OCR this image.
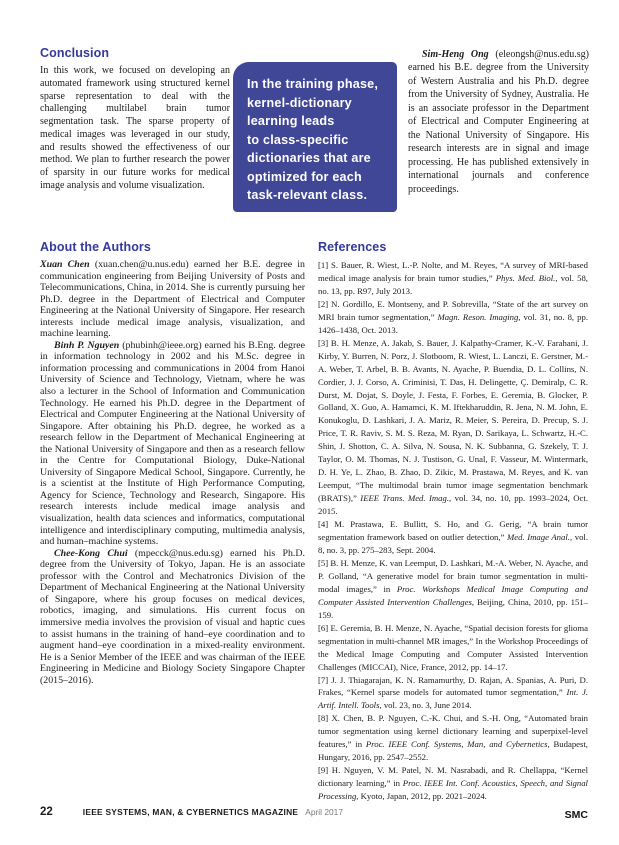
Conclusion

In this work, we focused on developing an automated framework using structured kernel sparse representation to deal with the challenging multilabel brain tumor segmentation task. The sparse property of medical images was leveraged in our study, and results showed the effectiveness of our method. We plan to further research the power of sparsity in our future works for medical image analysis and volume visualization.

In the training phase,
kernel-dictionary
learning leads
to class-specific
dictionaries that are
optimized for each
task-relevant class.

Sim-Heng Ong (eleongsh@nus.edu.sg) earned his B.E. degree from the University of Western Australia and his Ph.D. degree from the University of Sydney, Australia. He is an associate professor in the Department of Electrical and Computer Engineering at the National University of Singapore. His research interests are in signal and image processing. He has published extensively in international journals and conference proceedings.

About the Authors

Xuan Chen (xuan.chen@u.nus.edu) earned her B.E. degree in communication engineering from Beijing University of Posts and Telecommunications, China, in 2014. She is currently pursuing her Ph.D. degree in the Department of Electrical and Computer Engineering at the National University of Singapore. Her research interests include medical image analysis, visualization, and machine learning.

Binh P. Nguyen (phubinh@ieee.org) earned his B.Eng. degree in information technology in 2002 and his M.Sc. degree in information processing and communications in 2004 from Hanoi University of Science and Technology, Vietnam, where he was also a lecturer in the School of Information and Communication Technology. He earned his Ph.D. degree in the Department of Electrical and Computer Engineering at the National University of Singapore. After obtaining his Ph.D. degree, he worked as a research fellow in the Department of Mechanical Engineering at the National University of Singapore and then as a research fellow in the Centre for Computational Biology, Duke-National University of Singapore Medical School, Singapore. Currently, he is a scientist at the Institute of High Performance Computing, Agency for Science, Technology and Research, Singapore. His research interests include medical image analysis and visualization, health data sciences and informatics, computational intelligence and interdisciplinary computing, multimedia analysis, and human–machine systems.

Chee-Kong Chui (mpecck@nus.edu.sg) earned his Ph.D. degree from the University of Tokyo, Japan. He is an associate professor with the Control and Mechatronics Division of the Department of Mechanical Engineering at the National University of Singapore, where his group focuses on medical devices, robotics, imaging, and simulations. His current focus on immersive media involves the provision of visual and haptic cues to assist humans in the training of hand–eye coordination and to augment hand–eye coordination in a mixed-reality environment. He is a Senior Member of the IEEE and was chairman of the IEEE Engineering in Medicine and Biology Society Singapore Chapter (2015–2016).

References

[1] S. Bauer, R. Wiest, L.-P. Nolte, and M. Reyes, “A survey of MRI-based medical image analysis for brain tumor studies,” Phys. Med. Biol., vol. 58, no. 13, pp. R97, July 2013.

[2] N. Gordillo, E. Montseny, and P. Sobrevilla, “State of the art survey on MRI brain tumor segmentation,” Magn. Reson. Imaging, vol. 31, no. 8, pp. 1426–1438, Oct. 2013.

[3] B. H. Menze, A. Jakab, S. Bauer, J. Kalpathy-Cramer, K.-V. Farahani, J. Kirby, Y. Burren, N. Porz, J. Slotboom, R. Wiest, L. Lanczi, E. Gerstner, M.-A. Weber, T. Arbel, B. B. Avants, N. Ayache, P. Buendia, D. L. Collins, N. Cordier, J. J. Corso, A. Criminisi, T. Das, H. Delingette, Ç. Demiralp, C. R. Durst, M. Dojat, S. Doyle, J. Festa, F. Forbes, E. Geremia, B. Glocker, P. Golland, X. Guo, A. Hamamci, K. M. Iftekharuddin, R. Jena, N. M. John, E. Konukoglu, D. Lashkari, J. A. Mariz, R. Meier, S. Pereira, D. Precup, S. J. Price, T. R. Raviv, S. M. S. Reza, M. Ryan, D. Sarikaya, L. Schwartz, H.-C. Shin, J. Shotton, C. A. Silva, N. Sousa, N. K. Subbanna, G. Szekely, T. J. Taylor, O. M. Thomas, N. J. Tustison, G. Unal, F. Vasseur, M. Wintermark, D. H. Ye, L. Zhao, B. Zhao, D. Zikic, M. Prastawa, M. Reyes, and K. van Leemput, “The multimodal brain tumor image segmentation benchmark (BRATS),” IEEE Trans. Med. Imag., vol. 34, no. 10, pp. 1993–2024, Oct. 2015.

[4] M. Prastawa, E. Bullitt, S. Ho, and G. Gerig, “A brain tumor segmentation framework based on outlier detection,” Med. Image Anal., vol. 8, no. 3, pp. 275–283, Sept. 2004.

[5] B. H. Menze, K. van Leemput, D. Lashkari, M.-A. Weber, N. Ayache, and P. Golland, “A generative model for brain tumor segmentation in multi-modal images,” in Proc. Workshops Medical Image Computing and Computer Assisted Intervention Challenges, Beijing, China, 2010, pp. 151–159.

[6] E. Geremia, B. H. Menze, N. Ayache, “Spatial decision forests for glioma segmentation in multi-channel MR images,” In the Workshop Proceedings of the Medical Image Computing and Computer Assisted Intervention Challenges (MICCAI), Nice, France, 2012, pp. 14–17.

[7] J. J. Thiagarajan, K. N. Ramamurthy, D. Rajan, A. Spanias, A. Puri, D. Frakes, “Kernel sparse models for automated tumor segmentation,” Int. J. Artif. Intell. Tools, vol. 23, no. 3, June 2014.

[8] X. Chen, B. P. Nguyen, C.-K. Chui, and S.-H. Ong, “Automated brain tumor segmentation using kernel dictionary learning and superpixel-level features,” in Proc. IEEE Conf. Systems, Man, and Cybernetics, Budapest, Hungary, 2016, pp. 2547–2552.

[9] H. Nguyen, V. M. Patel, N. M. Nasrabadi, and R. Chellappa, “Kernel dictionary learning,” in Proc. IEEE Int. Conf. Acoustics, Speech, and Signal Processing, Kyoto, Japan, 2012, pp. 2021–2024.

SMC
22	IEEE SYSTEMS, MAN, & CYBERNETICS MAGAZINE April 2017
